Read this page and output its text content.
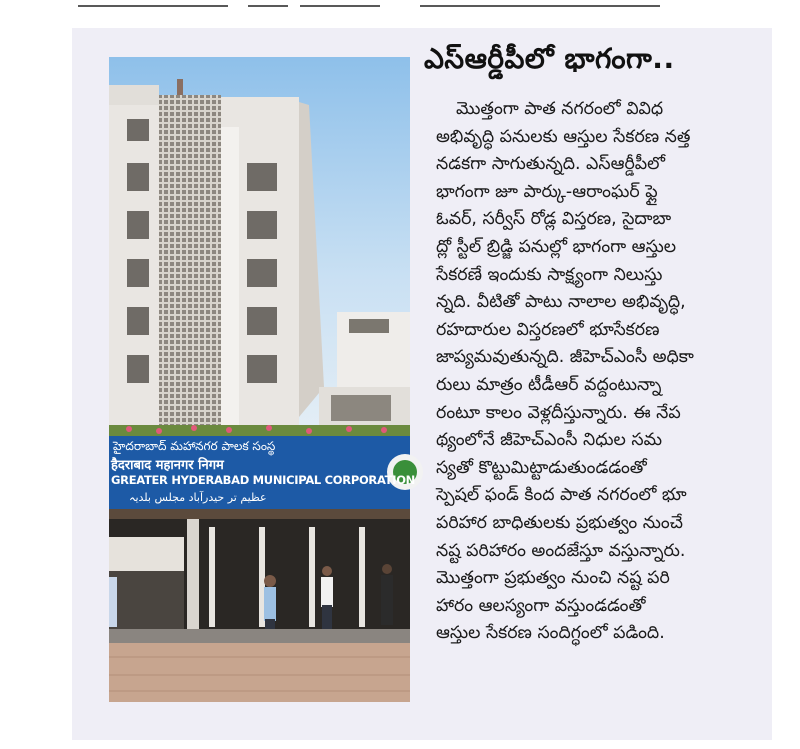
హైదరాబాద్ మహానగర పాలక సంస్థ
हैदराबाद महानगर निगम
GREATER HYDERABAD MUNICIPAL CORPORATION
عظیم تر حیدرآباد مجلس بلدیہ
ఎస్ఆర్డీపీలో భాగంగా..
మొత్తంగా పాత నగరంలో వివిధ
అభివృద్ధి పనులకు ఆస్తుల సేకరణ నత్త
నడకగా సాగుతున్నది. ఎస్ఆర్డీపీలో
భాగంగా జూ పార్కు-ఆరాంఘర్ ఫ్లై
ఓవర్, సర్వీస్ రోడ్ల విస్తరణ, సైదాబా
ద్లో స్టీల్ బ్రిడ్జి పనుల్లో భాగంగా ఆస్తుల
సేకరణే ఇందుకు సాక్ష్యంగా నిలుస్తు
న్నది. వీటితో పాటు నాలాల అభివృద్ధి,
రహదారుల విస్తరణలో భూసేకరణ
జాప్యమవుతున్నది. జీహెచ్ఎంసీ అధికా
రులు మాత్రం టీడీఆర్ వద్దంటున్నా
రంటూ కాలం వెళ్లదీస్తున్నారు. ఈ నేప
థ్యంలోనే జీహెచ్ఎంసీ నిధుల సమ
స్యతో కొట్టుమిట్టాడుతుండడంతో
స్పెషల్ ఫండ్ కింద పాత నగరంలో భూ
పరిహార బాధితులకు ప్రభుత్వం నుంచే
నష్ట పరిహారం అందజేస్తూ వస్తున్నారు.
మొత్తంగా ప్రభుత్వం నుంచి నష్ట పరి
హారం ఆలస్యంగా వస్తుండడంతో
ఆస్తుల సేకరణ సందిగ్ధంలో పడింది.
